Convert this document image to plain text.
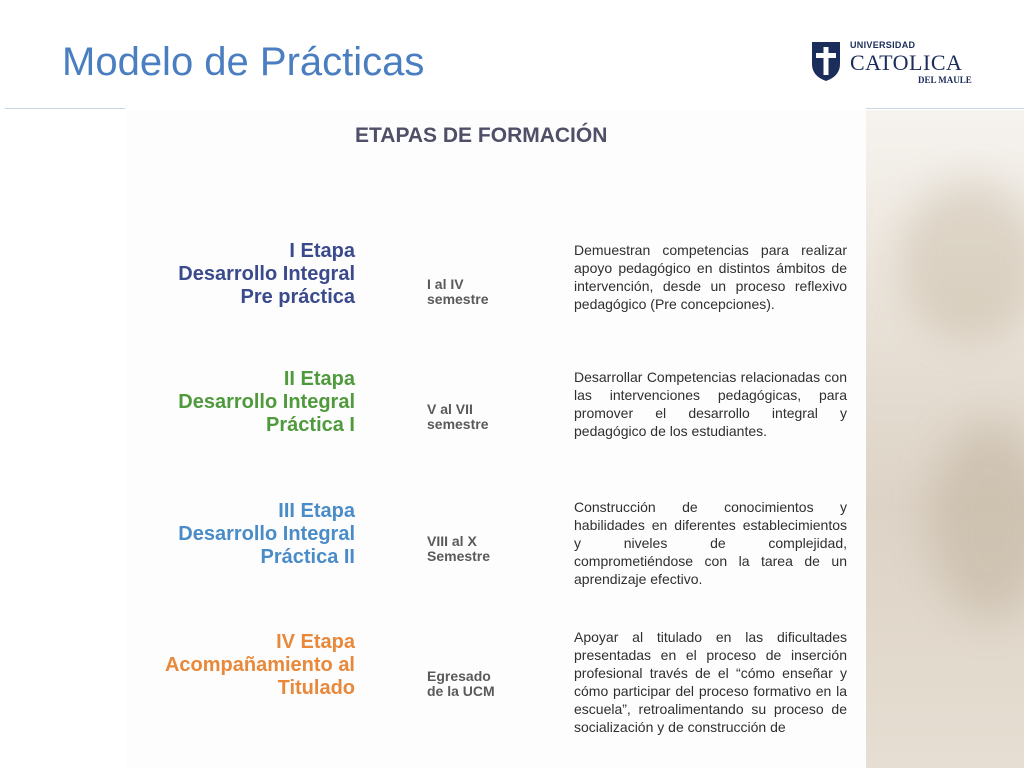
Modelo de Prácticas	UNIVERSIDAD
CATOLICA
DEL MAULE
ETAPAS DE FORMACIÓN
I Etapa
Desarrollo Integral
Pre práctica
I al IV
semestre
Demuestran competencias para realizar apoyo pedagógico en distintos ámbitos de intervención, desde un proceso reflexivo pedagógico (Pre concepciones).
II Etapa
Desarrollo Integral
Práctica I
V al VII
semestre
Desarrollar Competencias relacionadas con las intervenciones pedagógicas, para promover el desarrollo integral y pedagógico de los estudiantes.
III Etapa
Desarrollo Integral
Práctica II
VIII al X
Semestre
Construcción de conocimientos y habilidades en diferentes establecimientos y niveles de complejidad, comprometiéndose con la tarea de un aprendizaje efectivo.
IV Etapa
Acompañamiento al
Titulado
Egresado
de la UCM
Apoyar al titulado en las dificultades presentadas en el proceso de inserción profesional través de el “cómo enseñar y cómo participar del proceso formativo en la escuela”, retroalimentando su proceso de socialización y de construcción de
